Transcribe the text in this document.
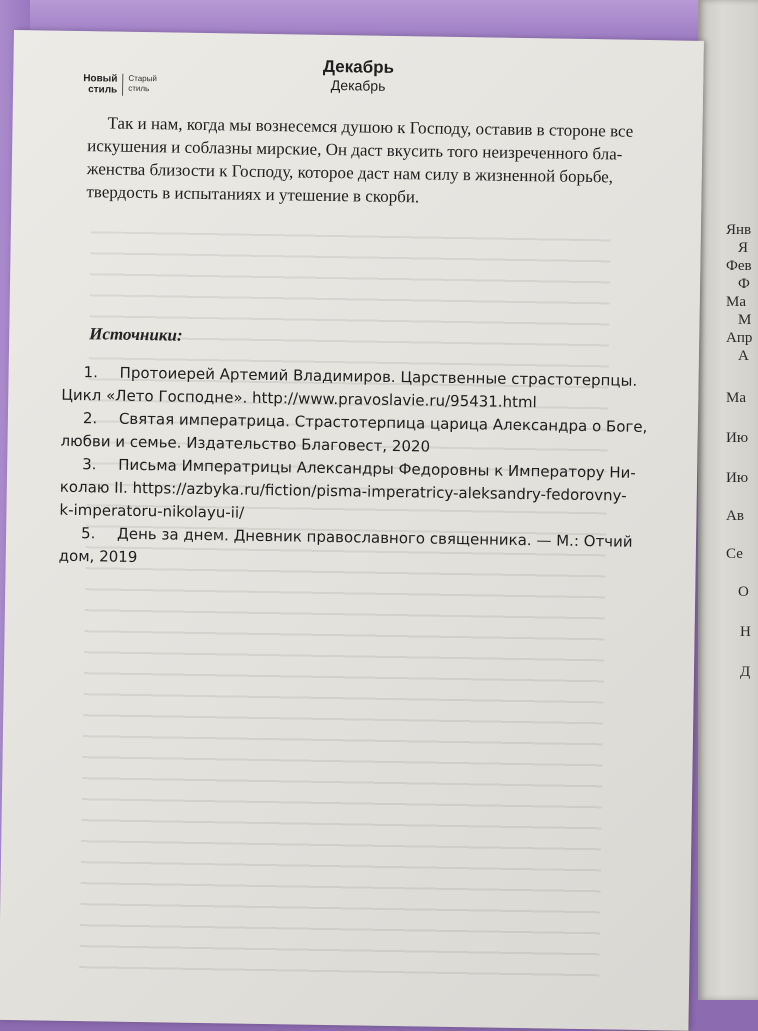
Янв
Я
Фев
Ф
Ма
М
Апр
А
Ма
Ию
Ию
Ав
Се
О
Н
Д
Новый
стиль
Старый
стиль
Декабрь
Декабрь
Так и нам, когда мы вознесемся душою к Господу, оставив в стороне все
искушения и соблазны мирские, Он даст вкусить того неизреченного бла-
женства близости к Господу, которое даст нам силу в жизненной борьбе,
твердость в испытаниях и утешение в скорби.
Источники:
1. Протоиерей Артемий Владимиров. Царственные страстотерпцы.
Цикл «Лето Господне». http://www.pravoslavie.ru/95431.html
2. Святая императрица. Страстотерпица царица Александра о Боге,
любви и семье. Издательство Благовест, 2020
3. Письма Императрицы Александры Федоровны к Императору Ни-
колаю II. https://azbyka.ru/fiction/pisma-imperatricy-aleksandry-fedorovny-
k-imperatoru-nikolayu-ii/
5. День за днем. Дневник православного священника. — М.: Отчий
дом, 2019
